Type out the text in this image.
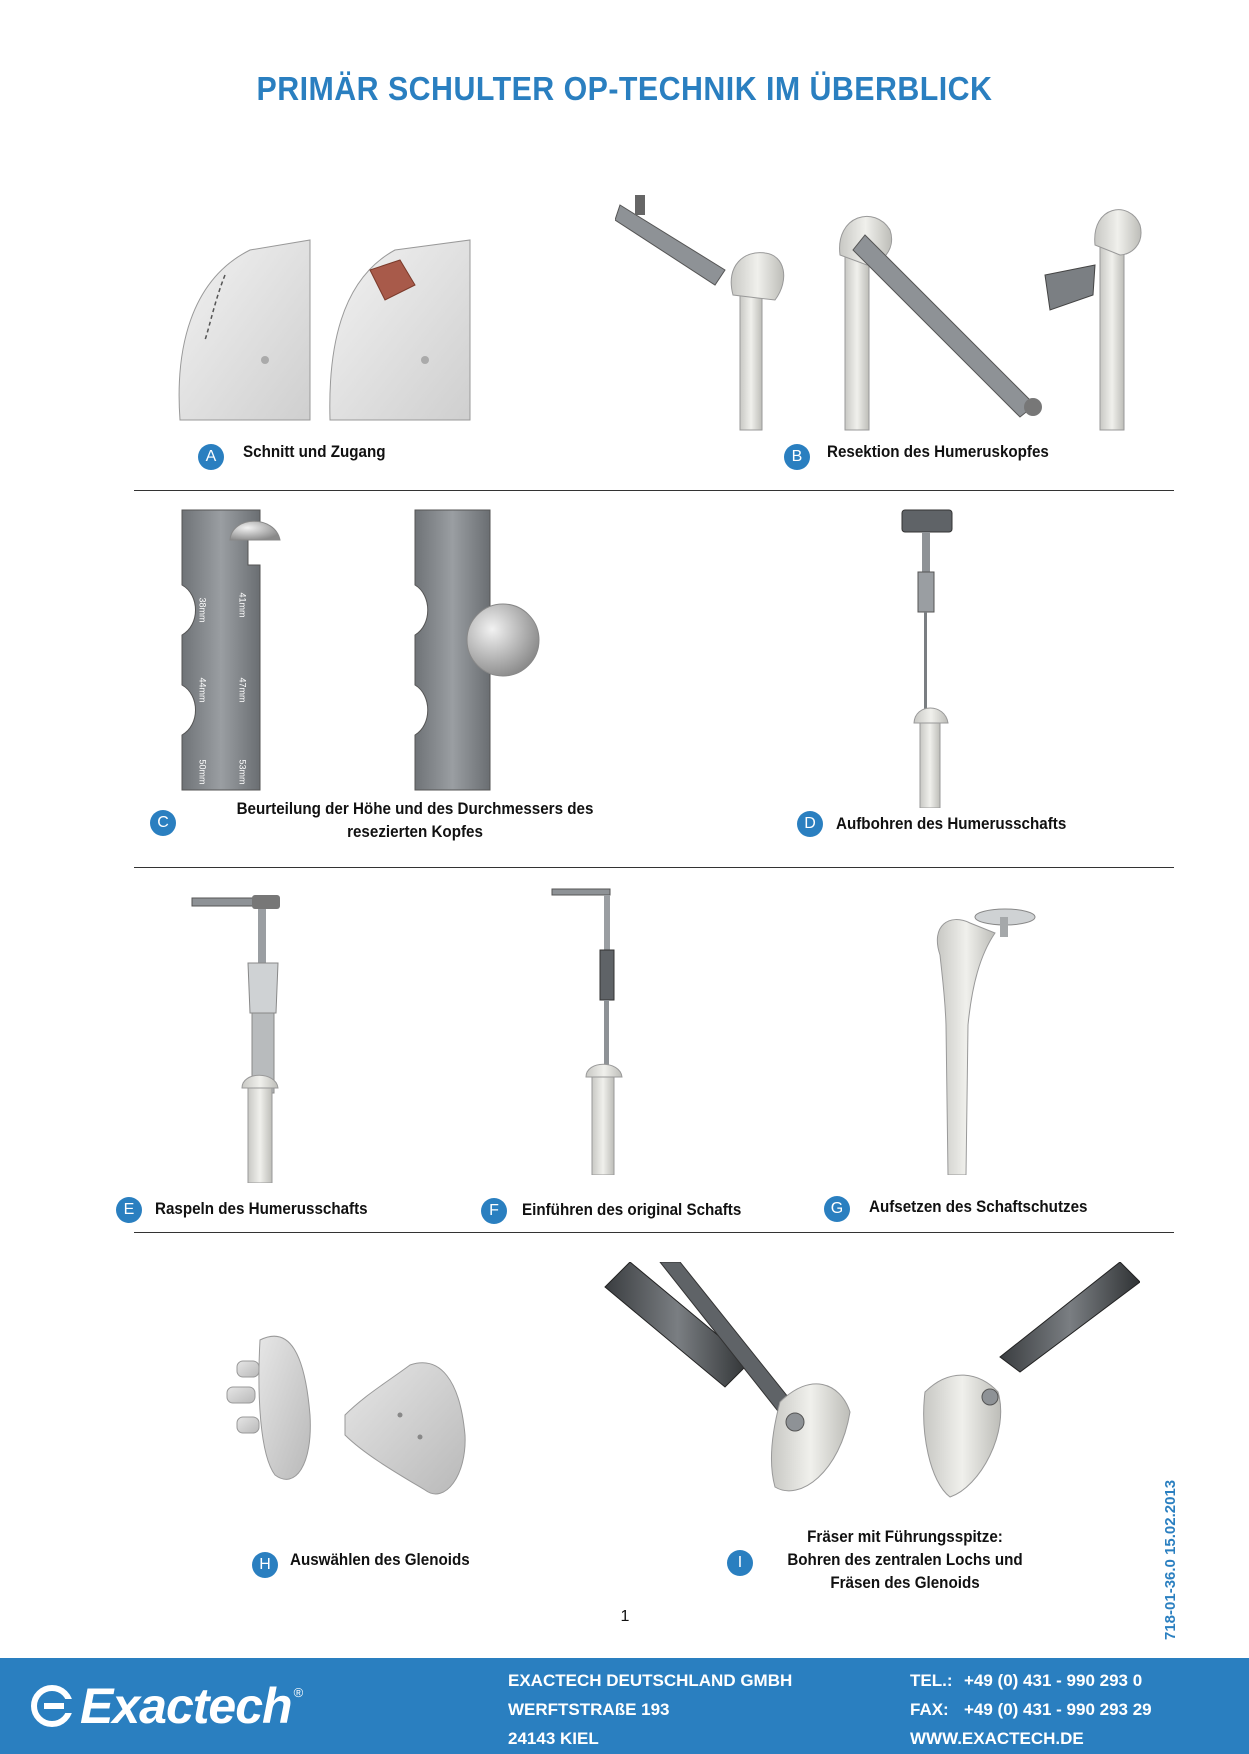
PRIMÄR SCHULTER OP-TECHNIK IM ÜBERBLICK
A	Schnitt und Zugang	B	Resektion des Humeruskopfes
38mm	41mm
44mm	47mm
50mm	53mm
C
Beurteilung der Höhe und des Durchmessers des
resezierten Kopfes	D	Aufbohren des Humerusschafts
E	Raspeln des Humerusschafts	F	Einführen des original Schafts	G	Aufsetzen des Schaftschutzes
H	Auswählen des Glenoids	I
Fräser mit Führungsspitze:
Bohren des zentralen Lochs und
Fräsen des Glenoids
1	718-01-36.0 15.02.2013
Exactech ®
EXACTECH DEUTSCHLAND GMBH
WERFTSTRAßE 193
24143 KIEL
TEL.: +49 (0) 431 - 990 293 0
FAX: +49 (0) 431 - 990 293 29
WWW.EXACTECH.DE
